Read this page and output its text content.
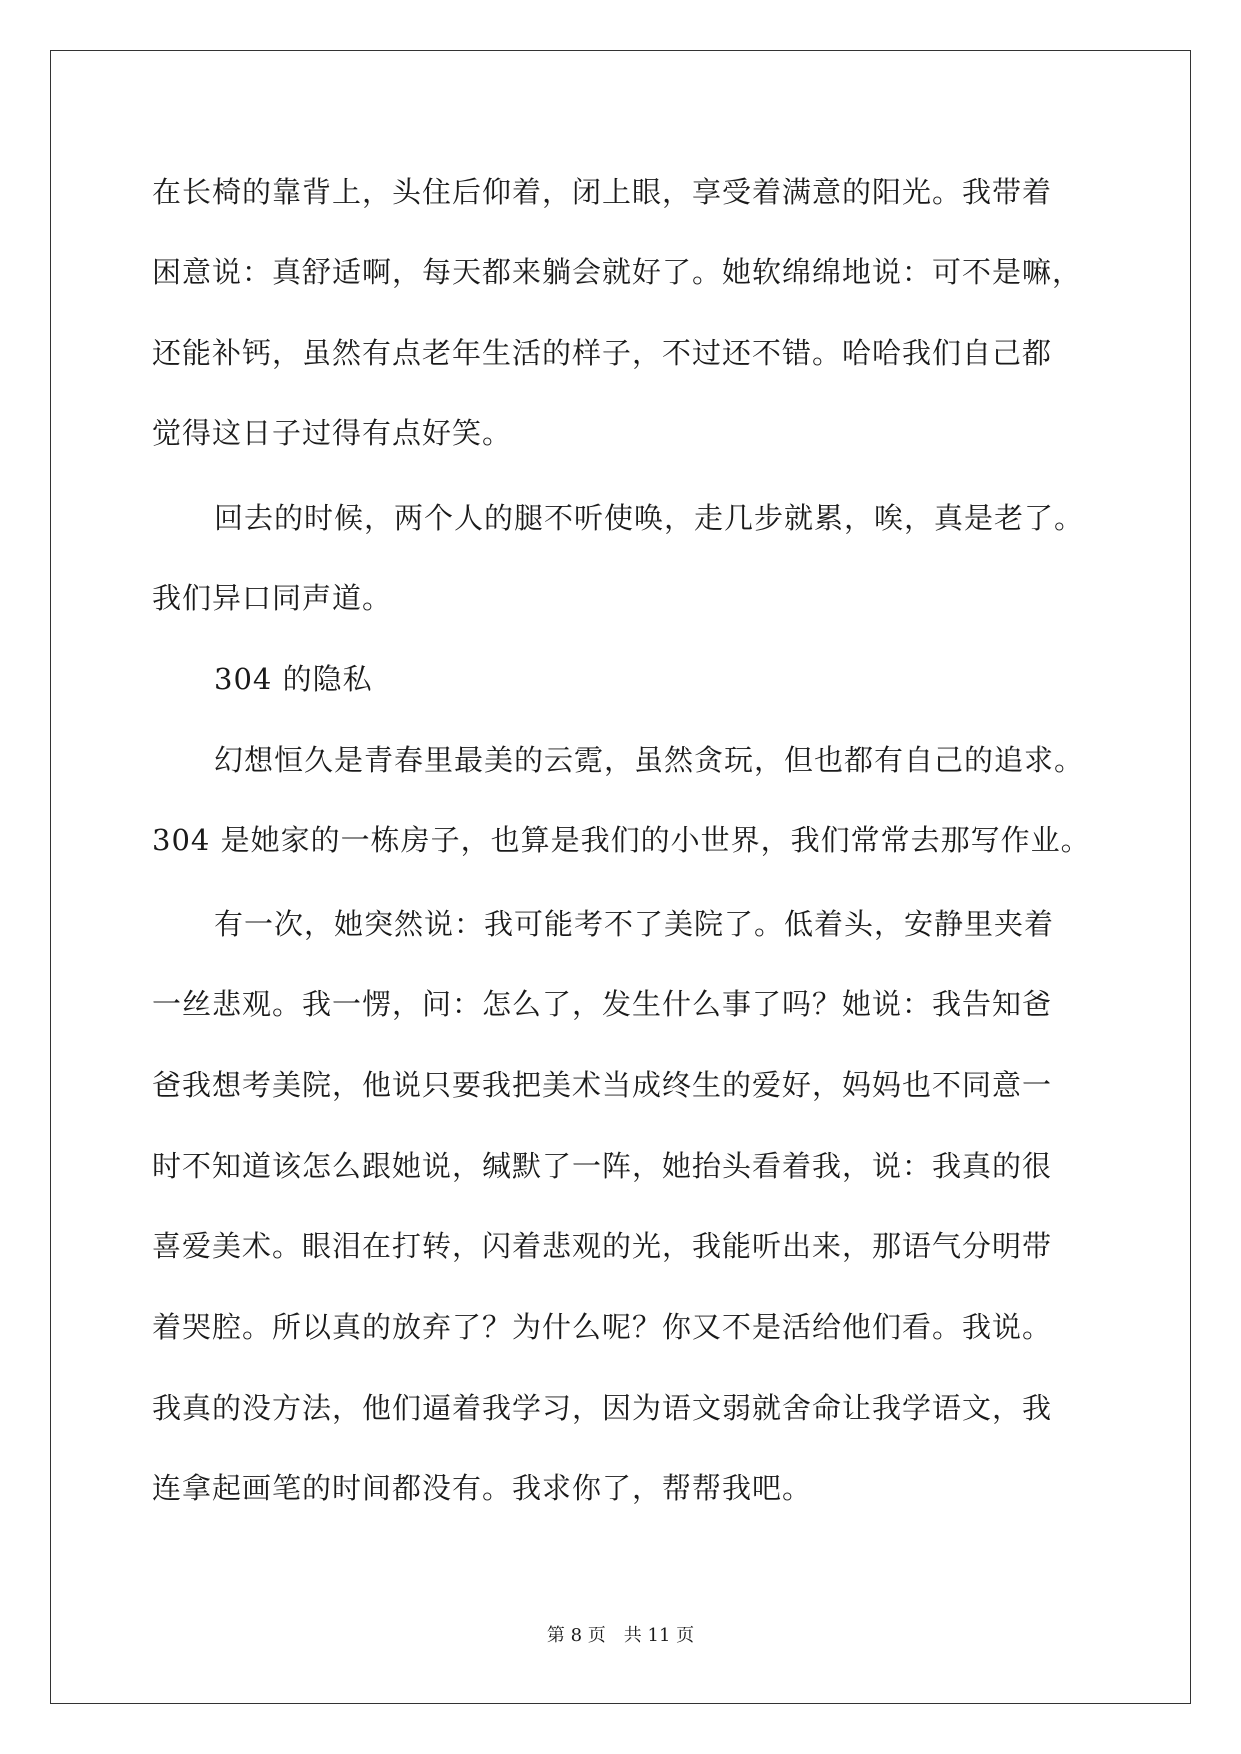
在长椅的靠背上，头住后仰着，闭上眼，享受着满意的阳光。我带着
困意说：真舒适啊，每天都来躺会就好了。她软绵绵地说：可不是嘛，
还能补钙，虽然有点老年生活的样子，不过还不错。哈哈我们自己都
觉得这日子过得有点好笑。
回去的时候，两个人的腿不听使唤，走几步就累，唉，真是老了。
我们异口同声道。
304 的隐私
幻想恒久是青春里最美的云霓，虽然贪玩，但也都有自己的追求。
304 是她家的一栋房子，也算是我们的小世界，我们常常去那写作业。
有一次，她突然说：我可能考不了美院了。低着头，安静里夹着
一丝悲观。我一愣，问：怎么了，发生什么事了吗？她说：我告知爸
爸我想考美院，他说只要我把美术当成终生的爱好，妈妈也不同意一
时不知道该怎么跟她说，缄默了一阵，她抬头看着我，说：我真的很
喜爱美术。眼泪在打转，闪着悲观的光，我能听出来，那语气分明带
着哭腔。所以真的放弃了？为什么呢？你又不是活给他们看。我说。
我真的没方法，他们逼着我学习，因为语文弱就舍命让我学语文，我
连拿起画笔的时间都没有。我求你了，帮帮我吧。
第 8 页　共 11 页
